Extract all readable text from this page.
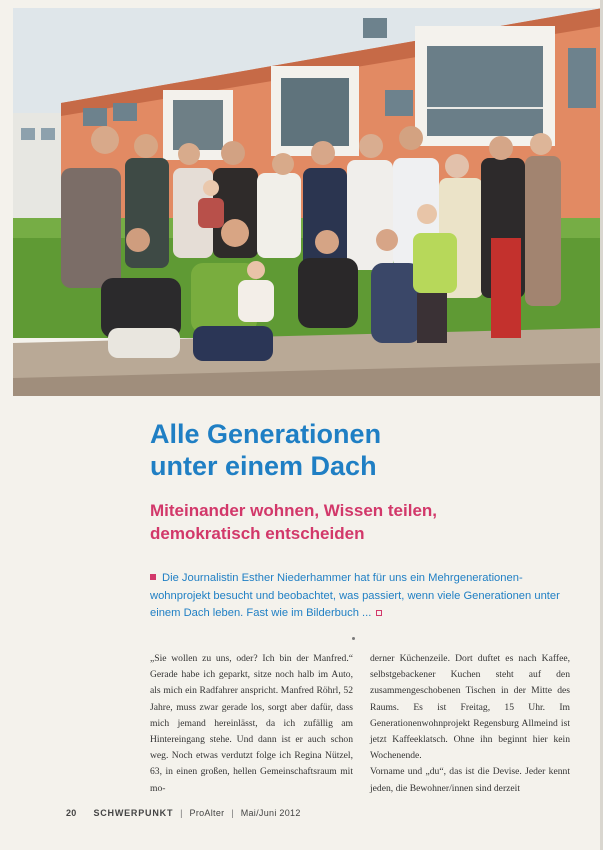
Alle Generationen
unter einem Dach
Miteinander wohnen, Wissen teilen,
demokratisch entscheiden

Die Journalistin Esther Niederhammer hat für uns ein Mehrgenerationen-wohnprojekt besucht und beobachtet, was passiert, wenn viele Generationen unter einem Dach leben. Fast wie im Bilderbuch ...

„Sie wollen zu uns, oder? Ich bin der Manfred.“ Gerade habe ich geparkt, sitze noch halb im Auto, als mich ein Radfahrer anspricht. Manfred Röhrl, 52 Jahre, muss zwar gerade los, sorgt aber dafür, dass mich jemand hereinlässt, da ich zufällig am Hintereingang stehe. Und dann ist er auch schon weg. Noch etwas verdutzt folge ich Regina Nützel, 63, in einen großen, hellen Gemeinschaftsraum mit mo-

derner Küchenzeile. Dort duftet es nach Kaffee, selbstgebackener Kuchen steht auf den zusammengeschobenen Tischen in der Mitte des Raums. Es ist Freitag, 15 Uhr. Im Generationenwohnprojekt Regensburg Allmeind ist jetzt Kaffeeklatsch. Ohne ihn beginnt hier kein Wochenende.

Vorname und „du“, das ist die Devise. Jeder kennt jeden, die Bewohner/innen sind derzeit

20 SCHWERPUNKT | ProAlter | Mai/Juni 2012
